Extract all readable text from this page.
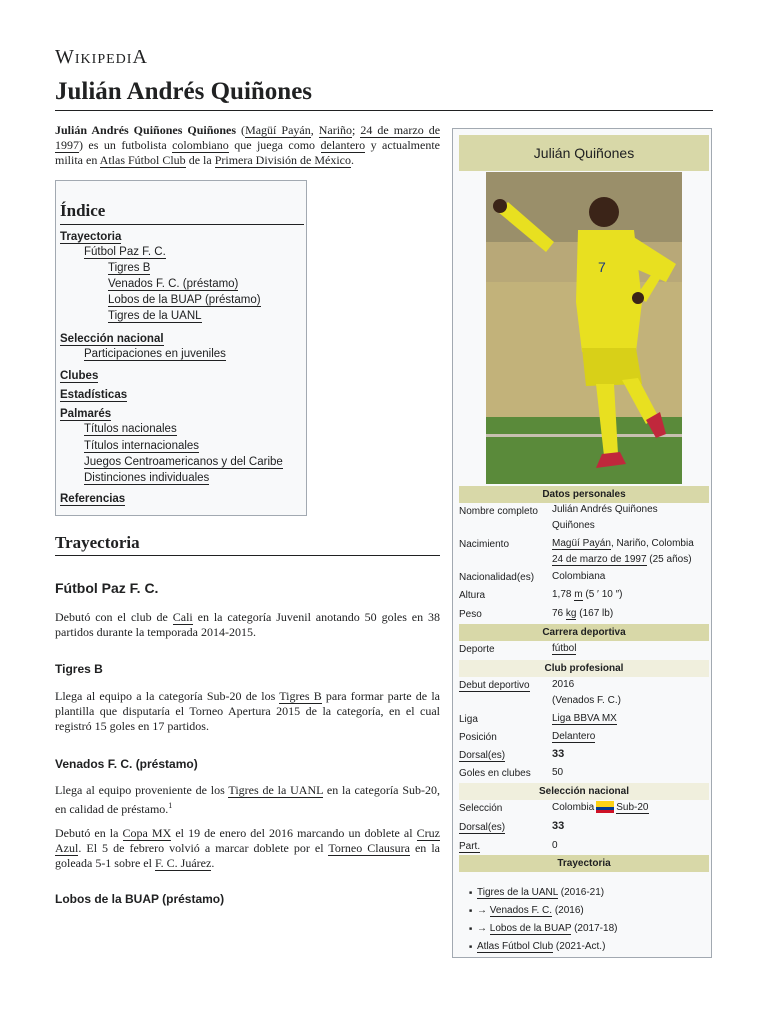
WikipediA
Julián Andrés Quiñones

Julián Andrés Quiñones Quiñones (Magüí Payán, Nariño; 24 de marzo de 1997) es un futbolista colombiano que juega como delantero y actualmente milita en Atlas Fútbol Club de la Primera División de México.

Índice
Trayectoria
Fútbol Paz F. C.
Tigres B
Venados F. C. (préstamo)
Lobos de la BUAP (préstamo)
Tigres de la UANL
Selección nacional
Participaciones en juveniles
Clubes
Estadísticas
Palmarés
Títulos nacionales
Títulos internacionales
Juegos Centroamericanos y del Caribe
Distinciones individuales
Referencias
Trayectoria
Fútbol Paz F. C.

Debutó con el club de Cali en la categoría Juvenil anotando 50 goles en 38 partidos durante la temporada 2014-2015.

Tigres B

Llega al equipo a la categoría Sub-20 de los Tigres B para formar parte de la plantilla que disputaría el Torneo Apertura 2015 de la categoría, en el cual registró 15 goles en 17 partidos.

Venados F. C. (préstamo)

Llega al equipo proveniente de los Tigres de la UANL en la categoría Sub-20, en calidad de préstamo.$^1$

Debutó en la Copa MX el 19 de enero del 2016 marcando un doblete al Cruz Azul. El 5 de febrero volvió a marcar doblete por el Torneo Clausura en la goleada 5-1 sobre el F. C. Juárez.

Lobos de la BUAP (préstamo)
Julián Quiñones
7
Datos personales
Nombre completo Julián Andrés Quiñones Quiñones
Nacimiento	Magüí Payán, Nariño, Colombia
24 de marzo de 1997 (25 años)
Nacionalidad(es) Colombiana
Altura	1,78 m (5 ′ 10 ″)
Peso	76 kg (167 lb)
Carrera deportiva
Deporte	fútbol
Club profesional
Debut deportivo 2016
(Venados F. C.)
Liga	Liga BBVA MX
Posición	Delantero
Dorsal(es)	33
Goles en clubes 50
Selección nacional
Selección	Colombia Sub-20
Dorsal(es)	33
Part.	0
Trayectoria
■ Tigres de la UANL (2016-21)
■ → Venados F. C. (2016)
■ → Lobos de la BUAP (2017-18)
■ Atlas Fútbol Club (2021-Act.)
